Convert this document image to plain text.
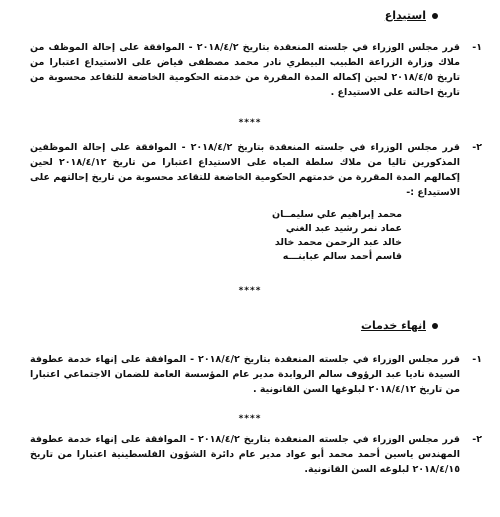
استيداع
١-
قرر مجلس الوزراء في جلسته المنعقدة بتاريخ ٢٠١٨/٤/٢ - الموافقة على إحالة الموظف من ملاك وزارة الزراعة الطبيب البيطري نادر محمد مصطفى فياض على الاستيداع اعتبارا من تاريخ ٢٠١٨/٤/٥ لحين إكماله المدة المقررة من خدمته الحكومية الخاضعة للتقاعد محسوبة من تاريخ احالته على الاستيداع .
****
٢-
قرر مجلس الوزراء في جلسته المنعقدة بتاريخ ٢٠١٨/٤/٢ - الموافقة على إحالة الموظفين المذكورين تاليا من ملاك سلطة المياه على الاستيداع اعتبارا من تاريخ ٢٠١٨/٤/١٢ لحين إكمالهم المدة المقررة من خدمتهم الحكومية الخاضعة للتقاعد محسوبة من تاريخ إحالتهم على الاستيداع :-
محمد إبراهيم علي سليمــان
عماد نمر رشيد عبد الغني
خالد عبد الرحمن محمد خالد
قاسم أحمد سالم عبابنـــه
****
انهاء خدمات
١-
قرر مجلس الوزراء في جلسته المنعقدة بتاريخ ٢٠١٨/٤/٢ - الموافقة على إنهاء خدمة عطوفة السيدة ناديا عبد الرؤوف سالم الروابدة مدير عام المؤسسة العامة للضمان الاجتماعي اعتبارا من تاريخ ٢٠١٨/٤/١٢ لبلوغها السن القانونية .
****
٢-
قرر مجلس الوزراء في جلسته المنعقدة بتاريخ ٢٠١٨/٤/٢ - الموافقة على إنهاء خدمة عطوفة المهندس ياسين أحمد محمد أبو عواد مدير عام دائرة الشؤون الفلسطينية اعتبارا من تاريخ ٢٠١٨/٤/١٥ لبلوغه السن القانونية.
